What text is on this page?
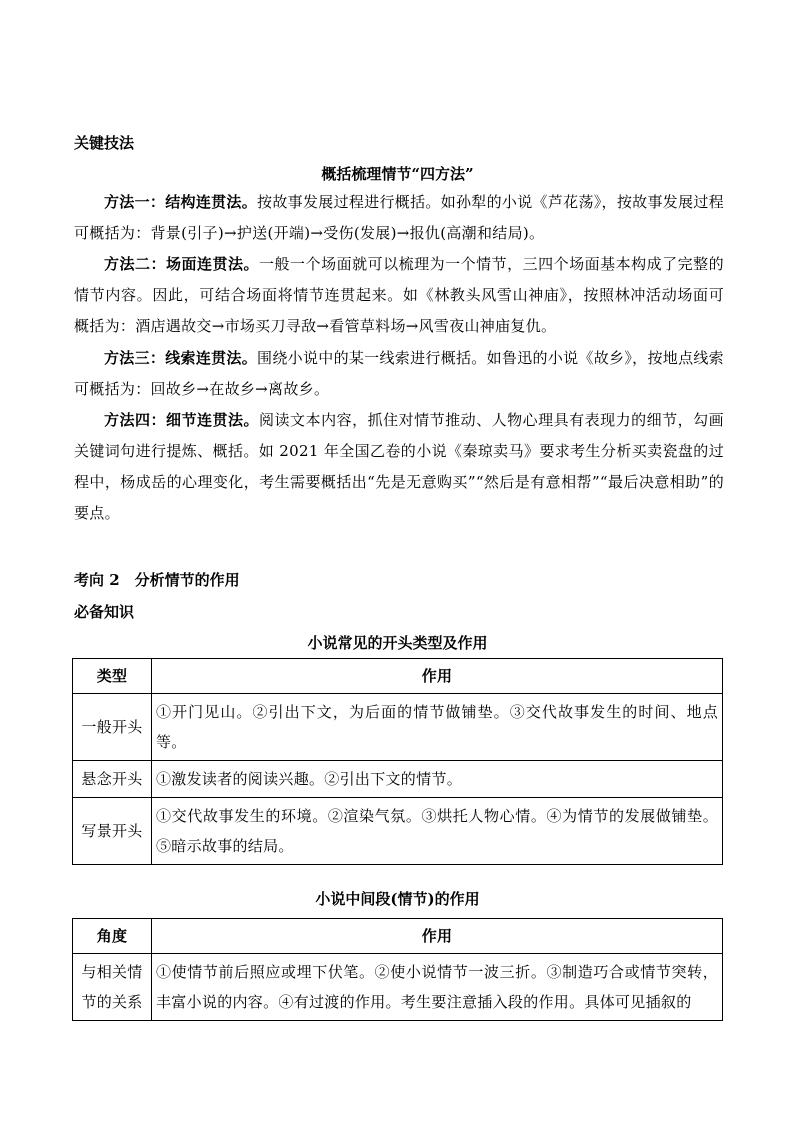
关键技法
概括梳理情节“四方法”
方法一：结构连贯法。按故事发展过程进行概括。如孙犁的小说《芦花荡》，按故事发展过程可概括为：背景(引子)→护送(开端)→受伤(发展)→报仇(高潮和结局)。
方法二：场面连贯法。一般一个场面就可以梳理为一个情节，三四个场面基本构成了完整的情节内容。因此，可结合场面将情节连贯起来。如《林教头风雪山神庙》，按照林冲活动场面可概括为：酒店遇故交→市场买刀寻敌→看管草料场→风雪夜山神庙复仇。
方法三：线索连贯法。围绕小说中的某一线索进行概括。如鲁迅的小说《故乡》，按地点线索可概括为：回故乡→在故乡→离故乡。
方法四：细节连贯法。阅读文本内容，抓住对情节推动、人物心理具有表现力的细节，勾画关键词句进行提炼、概括。如 2021 年全国乙卷的小说《秦琼卖马》要求考生分析买卖瓷盘的过程中，杨成岳的心理变化，考生需要概括出“先是无意购买”“然后是有意相帮”“最后决意相助”的要点。
考向 2　分析情节的作用
必备知识
小说常见的开头类型及作用
类型	作用
一般开头	①开门见山。②引出下文，为后面的情节做铺垫。③交代故事发生的时间、地点等。
悬念开头	①激发读者的阅读兴趣。②引出下文的情节。
写景开头	①交代故事发生的环境。②渲染气氛。③烘托人物心情。④为情节的发展做铺垫。⑤暗示故事的结局。
小说中间段(情节)的作用
角度	作用
与相关情节的关系	①使情节前后照应或埋下伏笔。②使小说情节一波三折。③制造巧合或情节突转，丰富小说的内容。④有过渡的作用。考生要注意插入段的作用。具体可见插叙的
